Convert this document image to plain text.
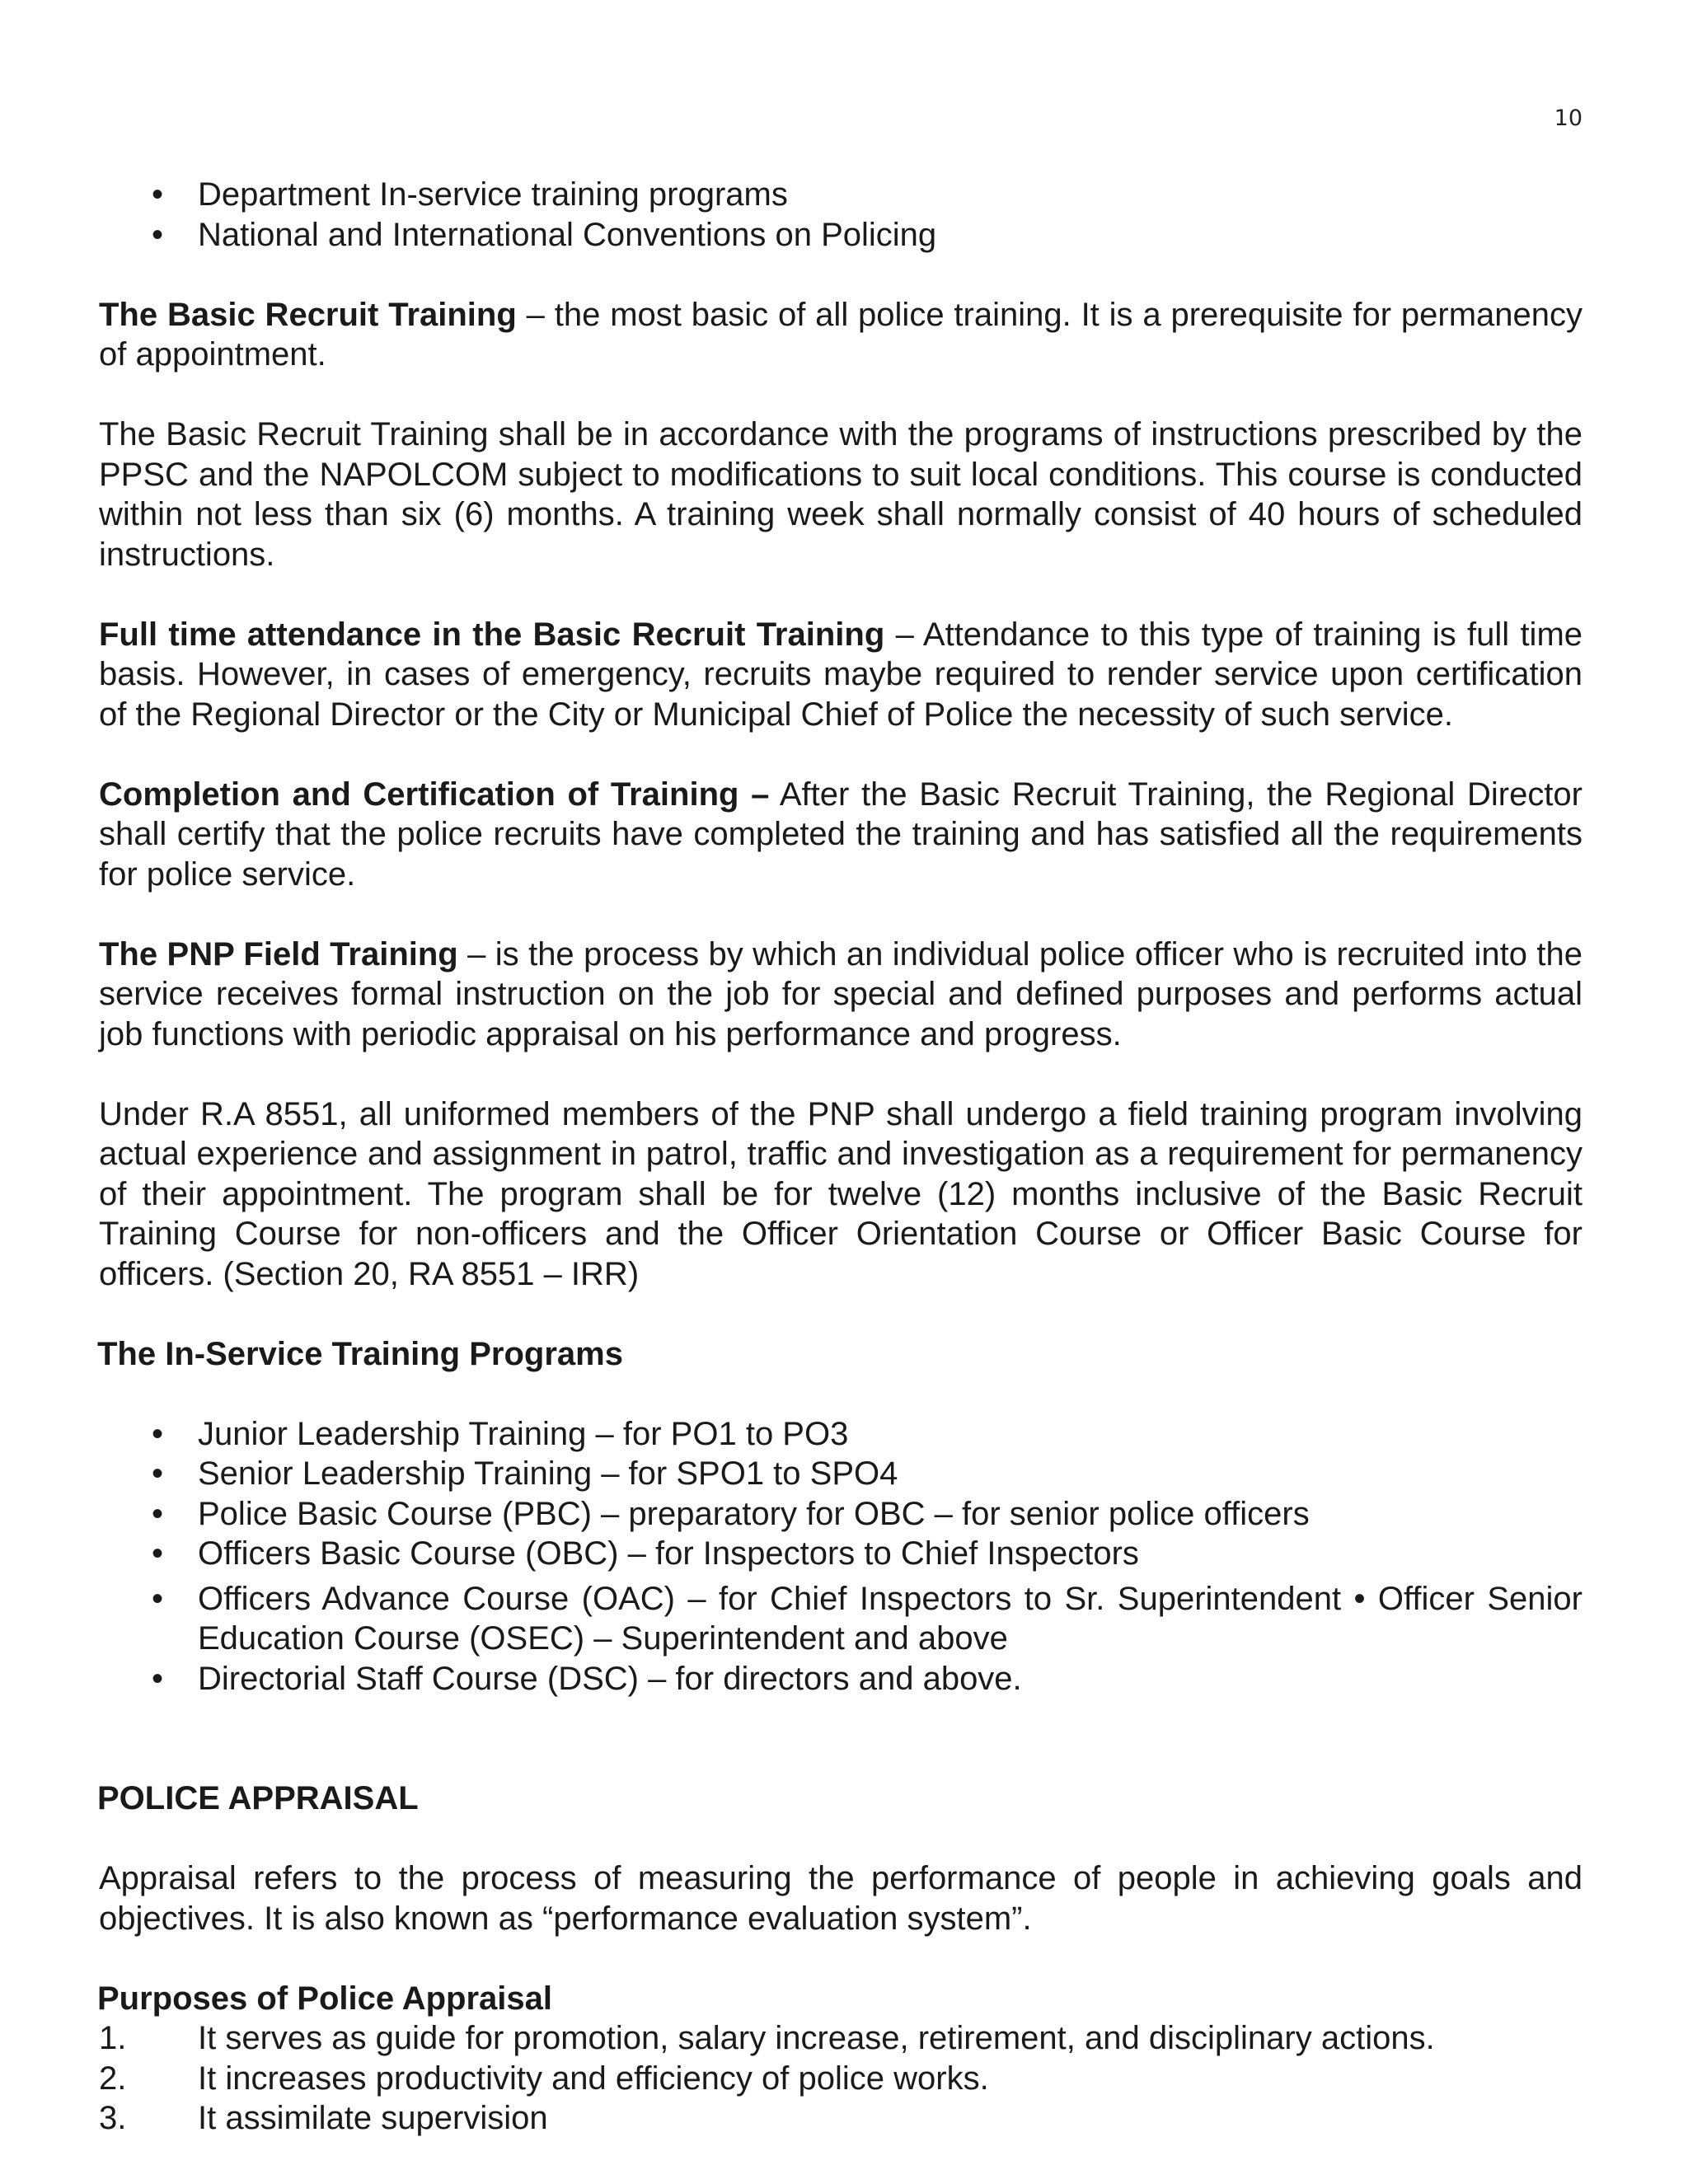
10
• Department In-service training programs
• National and International Conventions on Policing

The Basic Recruit Training – the most basic of all police training. It is a prerequisite for permanency of appointment.

The Basic Recruit Training shall be in accordance with the programs of instructions prescribed by the PPSC and the NAPOLCOM subject to modifications to suit local conditions. This course is conducted within not less than six (6) months. A training week shall normally consist of 40 hours of scheduled instructions.

Full time attendance in the Basic Recruit Training – Attendance to this type of training is full time basis. However, in cases of emergency, recruits maybe required to render service upon certification of the Regional Director or the City or Municipal Chief of Police the necessity of such service.

Completion and Certification of Training – After the Basic Recruit Training, the Regional Director shall certify that the police recruits have completed the training and has satisfied all the requirements for police service.

The PNP Field Training – is the process by which an individual police officer who is recruited into the service receives formal instruction on the job for special and defined purposes and performs actual job functions with periodic appraisal on his performance and progress.

Under R.A 8551, all uniformed members of the PNP shall undergo a field training program involving actual experience and assignment in patrol, traffic and investigation as a requirement for permanency of their appointment. The program shall be for twelve (12) months inclusive of the Basic Recruit Training Course for non-officers and the Officer Orientation Course or Officer Basic Course for officers. (Section 20, RA 8551 – IRR)

The In-Service Training Programs

• Junior Leadership Training – for PO1 to PO3
• Senior Leadership Training – for SPO1 to SPO4
• Police Basic Course (PBC) – preparatory for OBC – for senior police officers
• Officers Basic Course (OBC) – for Inspectors to Chief Inspectors
• Officers Advance Course (OAC) – for Chief Inspectors to Sr. Superintendent • Officer Senior Education Course (OSEC) – Superintendent and above
• Directorial Staff Course (DSC) – for directors and above.

POLICE APPRAISAL

Appraisal refers to the process of measuring the performance of people in achieving goals and objectives. It is also known as “performance evaluation system”.

Purposes of Police Appraisal

1. It serves as guide for promotion, salary increase, retirement, and disciplinary actions.
2. It increases productivity and efficiency of police works.
3. It assimilate supervision
